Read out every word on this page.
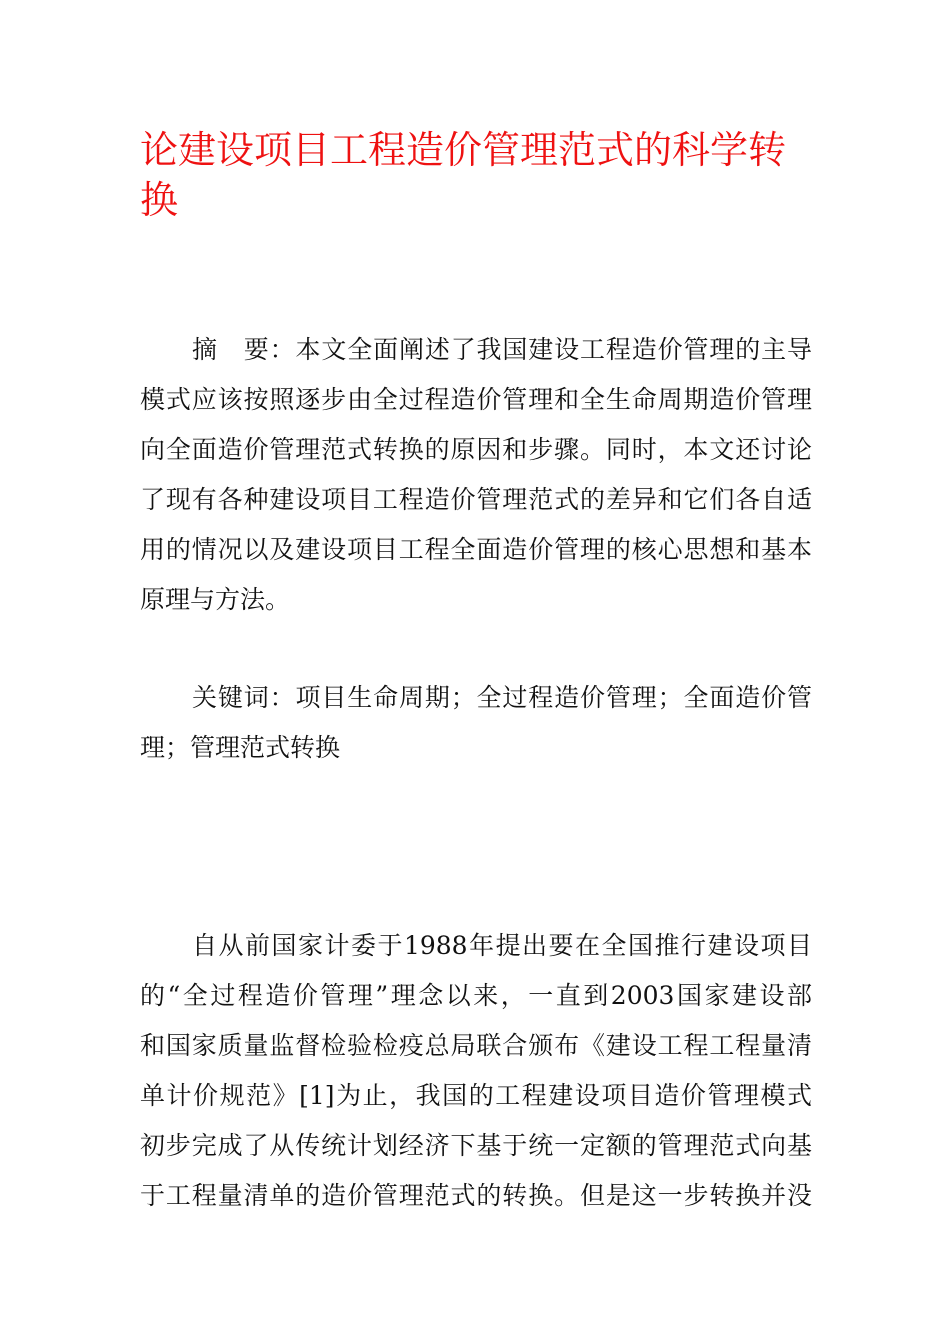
论建设项目工程造价管理范式的科学转
换
摘　要：本文全面阐述了我国建设工程造价管理的主导
模式应该按照逐步由全过程造价管理和全生命周期造价管理
向全面造价管理范式转换的原因和步骤。同时，本文还讨论
了现有各种建设项目工程造价管理范式的差异和它们各自适
用的情况以及建设项目工程全面造价管理的核心思想和基本
原理与方法。
关键词：项目生命周期；全过程造价管理；全面造价管
理；管理范式转换
自从前国家计委于1988年提出要在全国推行建设项目
的“全过程造价管理”理念以来，一直到2003国家建设部
和国家质量监督检验检疫总局联合颁布《建设工程工程量清
单计价规范》[1]为止，我国的工程建设项目造价管理模式
初步完成了从传统计划经济下基于统一定额的管理范式向基
于工程量清单的造价管理范式的转换。但是这一步转换并没
